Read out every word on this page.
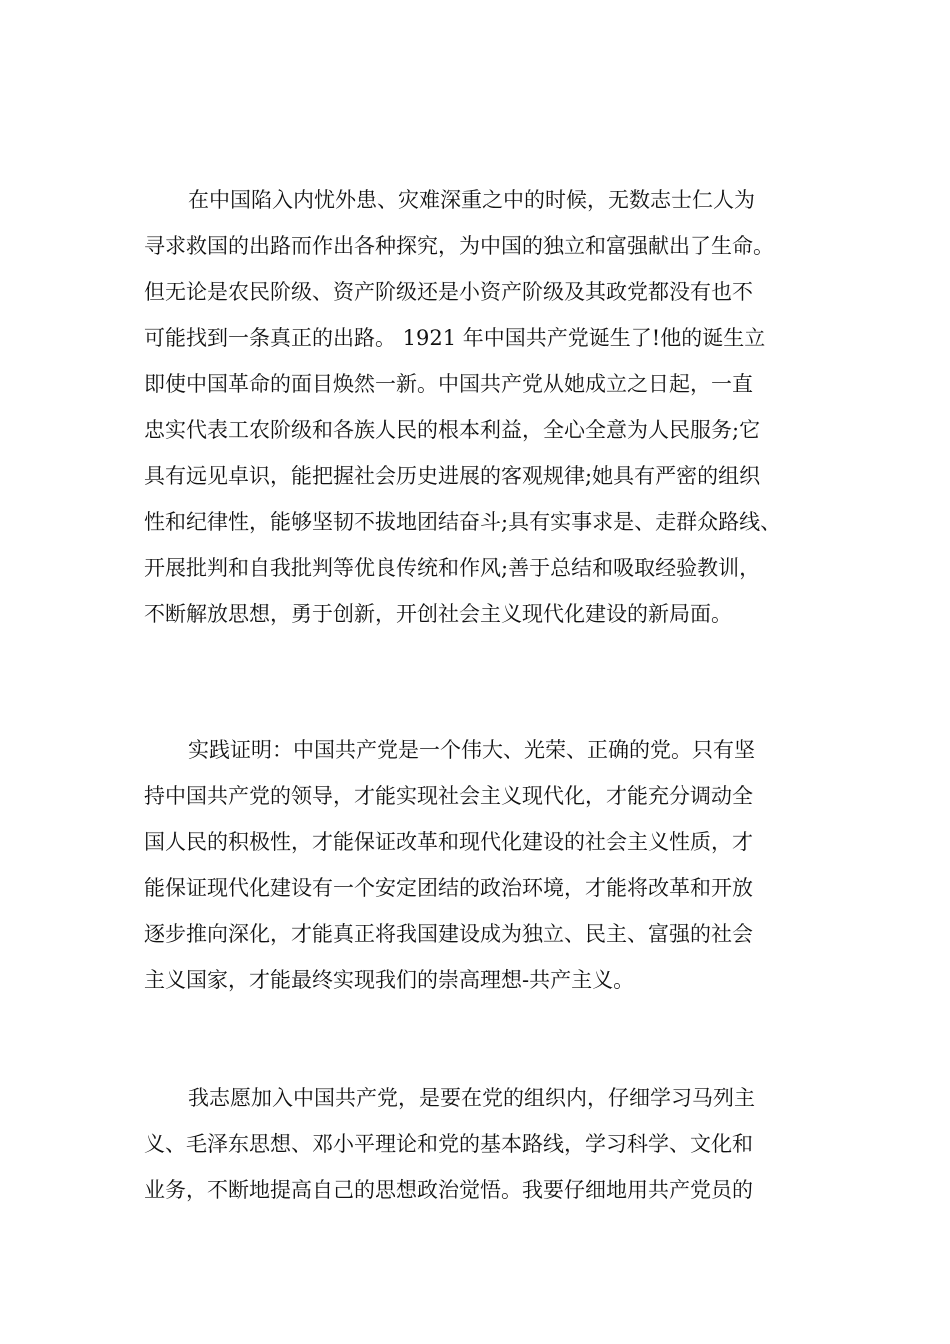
在中国陷入内忧外患、灾难深重之中的时候，无数志士仁人为
寻求救国的出路而作出各种探究，为中国的独立和富强献出了生命。
但无论是农民阶级、资产阶级还是小资产阶级及其政党都没有也不
可能找到一条真正的出路。 1921 年中国共产党诞生了!他的诞生立
即使中国革命的面目焕然一新。中国共产党从她成立之日起，一直
忠实代表工农阶级和各族人民的根本利益，全心全意为人民服务;它
具有远见卓识，能把握社会历史进展的客观规律;她具有严密的组织
性和纪律性，能够坚韧不拔地团结奋斗;具有实事求是、走群众路线、
开展批判和自我批判等优良传统和作风;善于总结和吸取经验教训，
不断解放思想，勇于创新，开创社会主义现代化建设的新局面。
实践证明：中国共产党是一个伟大、光荣、正确的党。只有坚
持中国共产党的领导，才能实现社会主义现代化，才能充分调动全
国人民的积极性，才能保证改革和现代化建设的社会主义性质，才
能保证现代化建设有一个安定团结的政治环境，才能将改革和开放
逐步推向深化，才能真正将我国建设成为独立、民主、富强的社会
主义国家，才能最终实现我们的崇高理想-共产主义。
我志愿加入中国共产党，是要在党的组织内，仔细学习马列主
义、毛泽东思想、邓小平理论和党的基本路线，学习科学、文化和
业务，不断地提高自己的思想政治觉悟。我要仔细地用共产党员的
